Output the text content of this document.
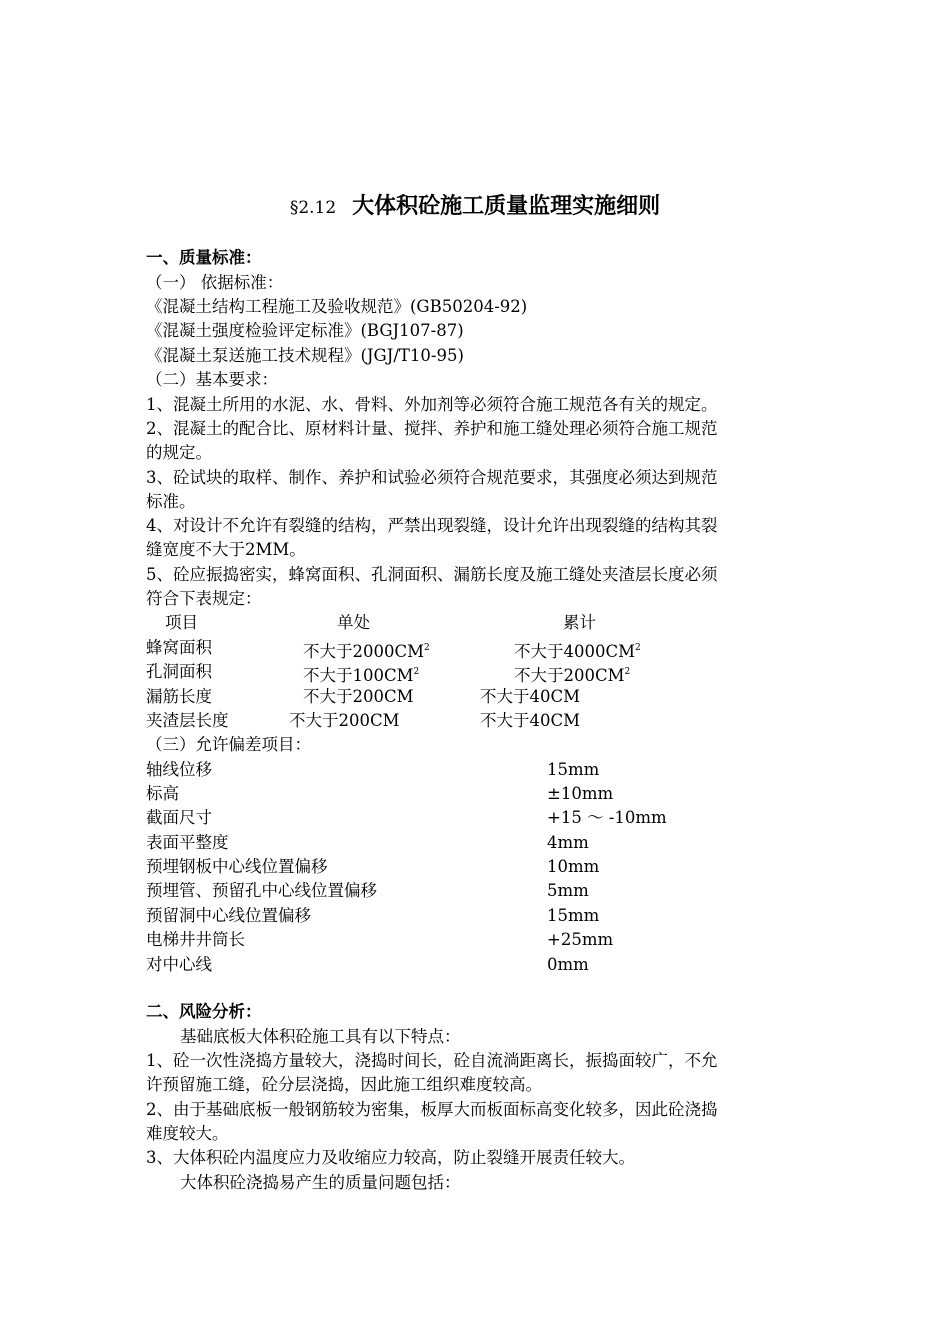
§2.12 大体积砼施工质量监理实施细则
一、质量标准：
（一） 依据标准：
《混凝土结构工程施工及验收规范》(GB50204-92)
《混凝土强度检验评定标准》(BGJ107-87)
《混凝土泵送施工技术规程》(JGJ/T10-95)
（二）基本要求：
1、混凝土所用的水泥、水、骨料、外加剂等必须符合施工规范各有关的规定。
2、混凝土的配合比、原材料计量、搅拌、养护和施工缝处理必须符合施工规范
的规定。
3、砼试块的取样、制作、养护和试验必须符合规范要求，其强度必须达到规范
标准。
4、对设计不允许有裂缝的结构，严禁出现裂缝，设计允许出现裂缝的结构其裂
缝宽度不大于2MM。
5、砼应振捣密实，蜂窝面积、孔洞面积、漏筋长度及施工缝处夹渣层长度必须
符合下表规定：
项目	单处	累计
蜂窝面积	不大于$2000CM^2$	不大于$4000CM^2$
孔洞面积	不大于$100CM^2$	不大于$200CM^2$
漏筋长度	不大于200CM	不大于40CM
夹渣层长度	不大于200CM	不大于40CM
（三）允许偏差项目：
轴线位移	15mm
标高	±10mm
截面尺寸	+15 ～ -10mm
表面平整度	4mm
预埋钢板中心线位置偏移	10mm
预埋管、预留孔中心线位置偏移	5mm
预留洞中心线位置偏移	15mm
电梯井井筒长	+25mm
对中心线	0mm
二、风险分析：
基础底板大体积砼施工具有以下特点：
1、砼一次性浇捣方量较大，浇捣时间长，砼自流淌距离长，振捣面较广，不允
许预留施工缝，砼分层浇捣，因此施工组织难度较高。
2、由于基础底板一般钢筋较为密集，板厚大而板面标高变化较多，因此砼浇捣
难度较大。
3、大体积砼内温度应力及收缩应力较高，防止裂缝开展责任较大。
大体积砼浇捣易产生的质量问题包括：
